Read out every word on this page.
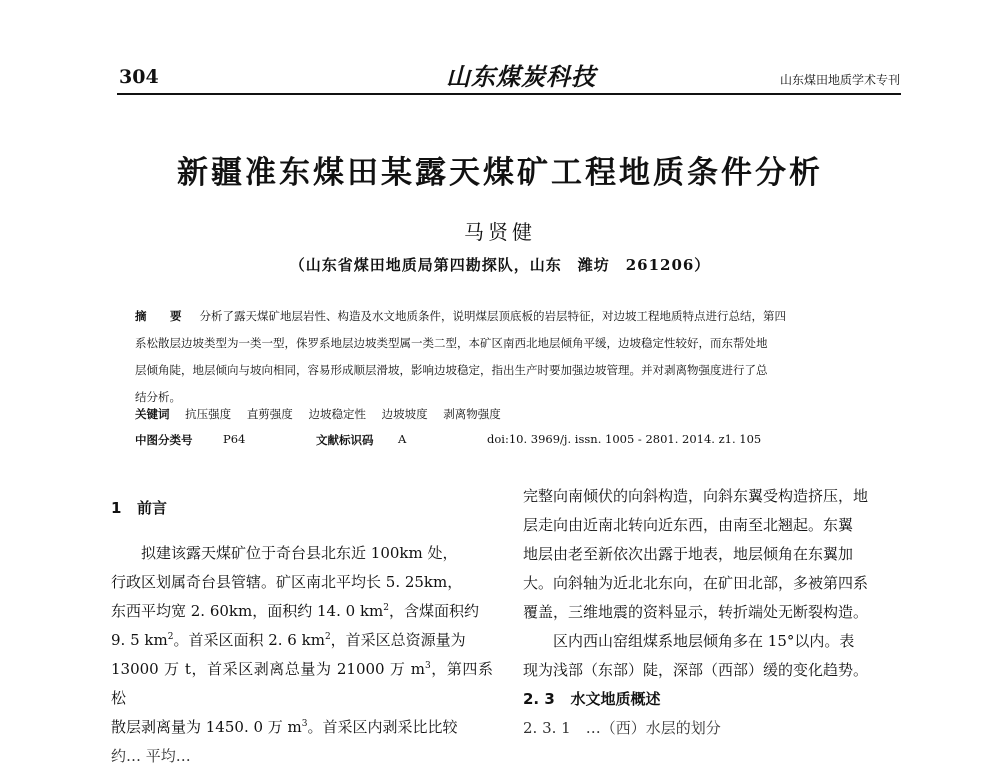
304	山东煤炭科技	山东煤田地质学术专刊
新疆准东煤田某露天煤矿工程地质条件分析
马贤健
（山东省煤田地质局第四勘探队，山东　潍坊　261206）
摘　要 分析了露天煤矿地层岩性、构造及水文地质条件，说明煤层顶底板的岩层特征，对边坡工程地质特点进行总结，第四
系松散层边坡类型为一类一型，侏罗系地层边坡类型属一类二型，本矿区南西北地层倾角平缓，边坡稳定性较好，而东帮处地
层倾角陡，地层倾向与坡向相同，容易形成顺层滑坡，影响边坡稳定，指出生产时要加强边坡管理。并对剥离物强度进行了总
结分析。
关键词 抗压强度 直剪强度 边坡稳定性 边坡坡度 剥离物强度
中图分类号	P64	文献标识码 A	doi:10. 3969/j. issn. 1005 - 2801. 2014. z1. 105
1 前言

拟建该露天煤矿位于奇台县北东近 100km 处，

行政区划属奇台县管辖。矿区南北平均长 5. 25km，

东西平均宽 2. 60km，面积约 14. 0 $km^2$，含煤面积约

9. 5 $km^2$。首采区面积 2. 6 $km^2$，首采区总资源量为

13000 万 t，首采区剥离总量为 21000 万 $m^3$，第四系松

散层剥离量为 1450. 0 万 $m^3$。首采区内剥采比比较

约… 平均…

完整向南倾伏的向斜构造，向斜东翼受构造挤压，地

层走向由近南北转向近东西，由南至北翘起。东翼

地层由老至新依次出露于地表，地层倾角在东翼加

大。向斜轴为近北北东向，在矿田北部，多被第四系

覆盖，三维地震的资料显示，转折端处无断裂构造。

区内西山窑组煤系地层倾角多在 15°以内。表

现为浅部（东部）陡，深部（西部）缓的变化趋势。

2. 3 水文地质概述

2. 3. 1　…（西）水层的划分
